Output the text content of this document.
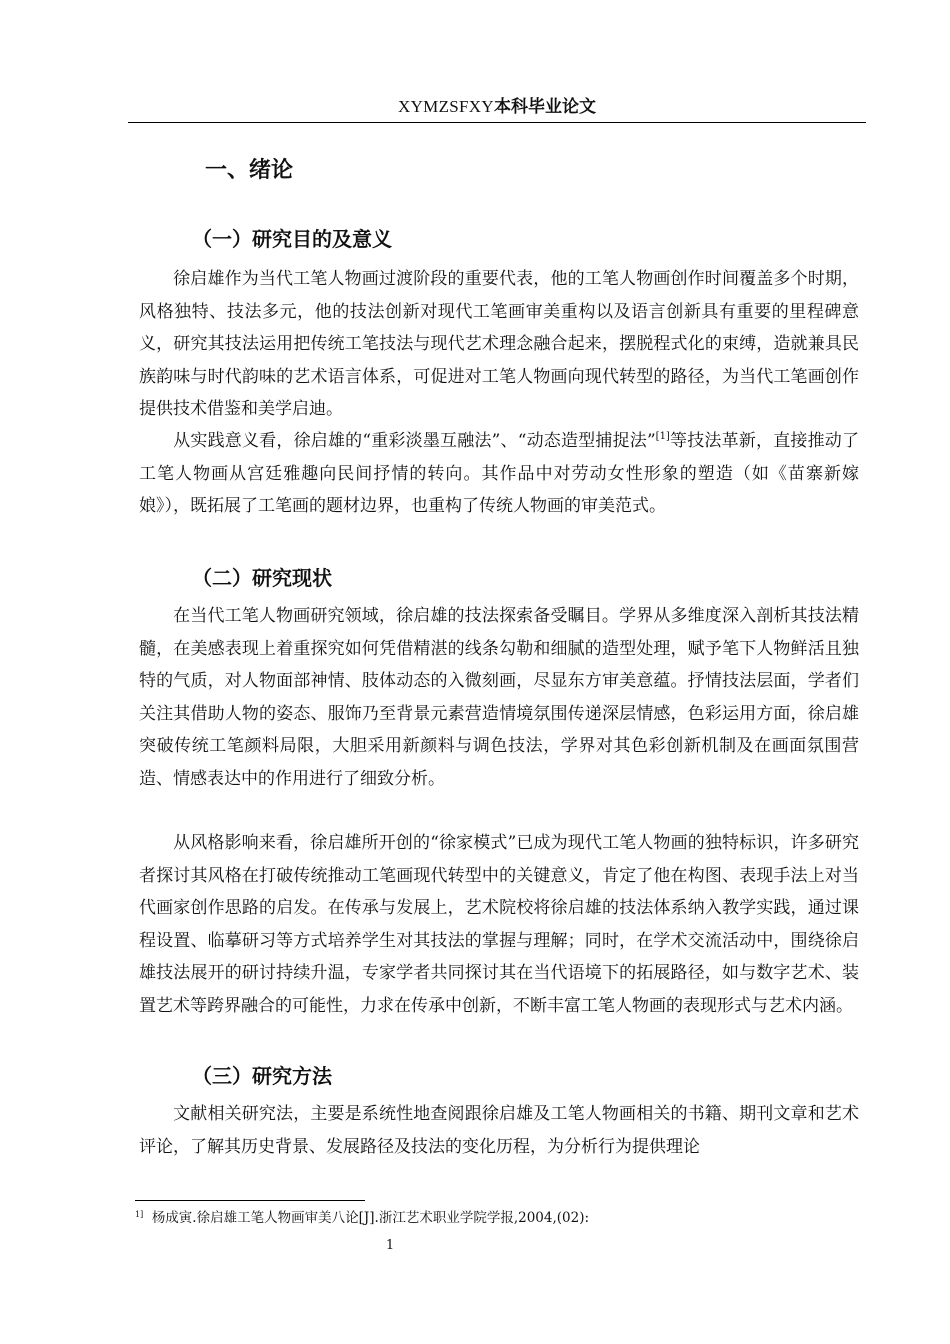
XYMZSFXY本科毕业论文
一、绪论
（一）研究目的及意义

徐启雄作为当代工笔人物画过渡阶段的重要代表，他的工笔人物画创作时间覆盖多个时期，风格独特、技法多元，他的技法创新对现代工笔画审美重构以及语言创新具有重要的里程碑意义，研究其技法运用把传统工笔技法与现代艺术理念融合起来，摆脱程式化的束缚，造就兼具民族韵味与时代韵味的艺术语言体系，可促进对工笔人物画向现代转型的路径，为当代工笔画创作提供技术借鉴和美学启迪。

从实践意义看，徐启雄的“重彩淡墨互融法”、“动态造型捕捉法”[1]等技法革新，直接推动了工笔人物画从宫廷雅趣向民间抒情的转向。其作品中对劳动女性形象的塑造（如《苗寨新嫁娘》），既拓展了工笔画的题材边界，也重构了传统人物画的审美范式。

（二）研究现状

在当代工笔人物画研究领域，徐启雄的技法探索备受瞩目。学界从多维度深入剖析其技法精髓，在美感表现上着重探究如何凭借精湛的线条勾勒和细腻的造型处理，赋予笔下人物鲜活且独特的气质，对人物面部神情、肢体动态的入微刻画，尽显东方审美意蕴。抒情技法层面，学者们关注其借助人物的姿态、服饰乃至背景元素营造情境氛围传递深层情感，色彩运用方面，徐启雄突破传统工笔颜料局限，大胆采用新颜料与调色技法，学界对其色彩创新机制及在画面氛围营造、情感表达中的作用进行了细致分析。

从风格影响来看，徐启雄所开创的“徐家模式”已成为现代工笔人物画的独特标识，许多研究者探讨其风格在打破传统推动工笔画现代转型中的关键意义，肯定了他在构图、表现手法上对当代画家创作思路的启发。在传承与发展上，艺术院校将徐启雄的技法体系纳入教学实践，通过课程设置、临摹研习等方式培养学生对其技法的掌握与理解；同时，在学术交流活动中，围绕徐启雄技法展开的研讨持续升温，专家学者共同探讨其在当代语境下的拓展路径，如与数字艺术、装置艺术等跨界融合的可能性，力求在传承中创新，不断丰富工笔人物画的表现形式与艺术内涵。

（三）研究方法

文献相关研究法，主要是系统性地查阅跟徐启雄及工笔人物画相关的书籍、期刊文章和艺术评论，了解其历史背景、发展路径及技法的变化历程，为分析行为提供理论

$^{1]}$ 杨成寅.徐启雄工笔人物画审美八论[J].浙江艺术职业学院学报,2004,(02):
1
